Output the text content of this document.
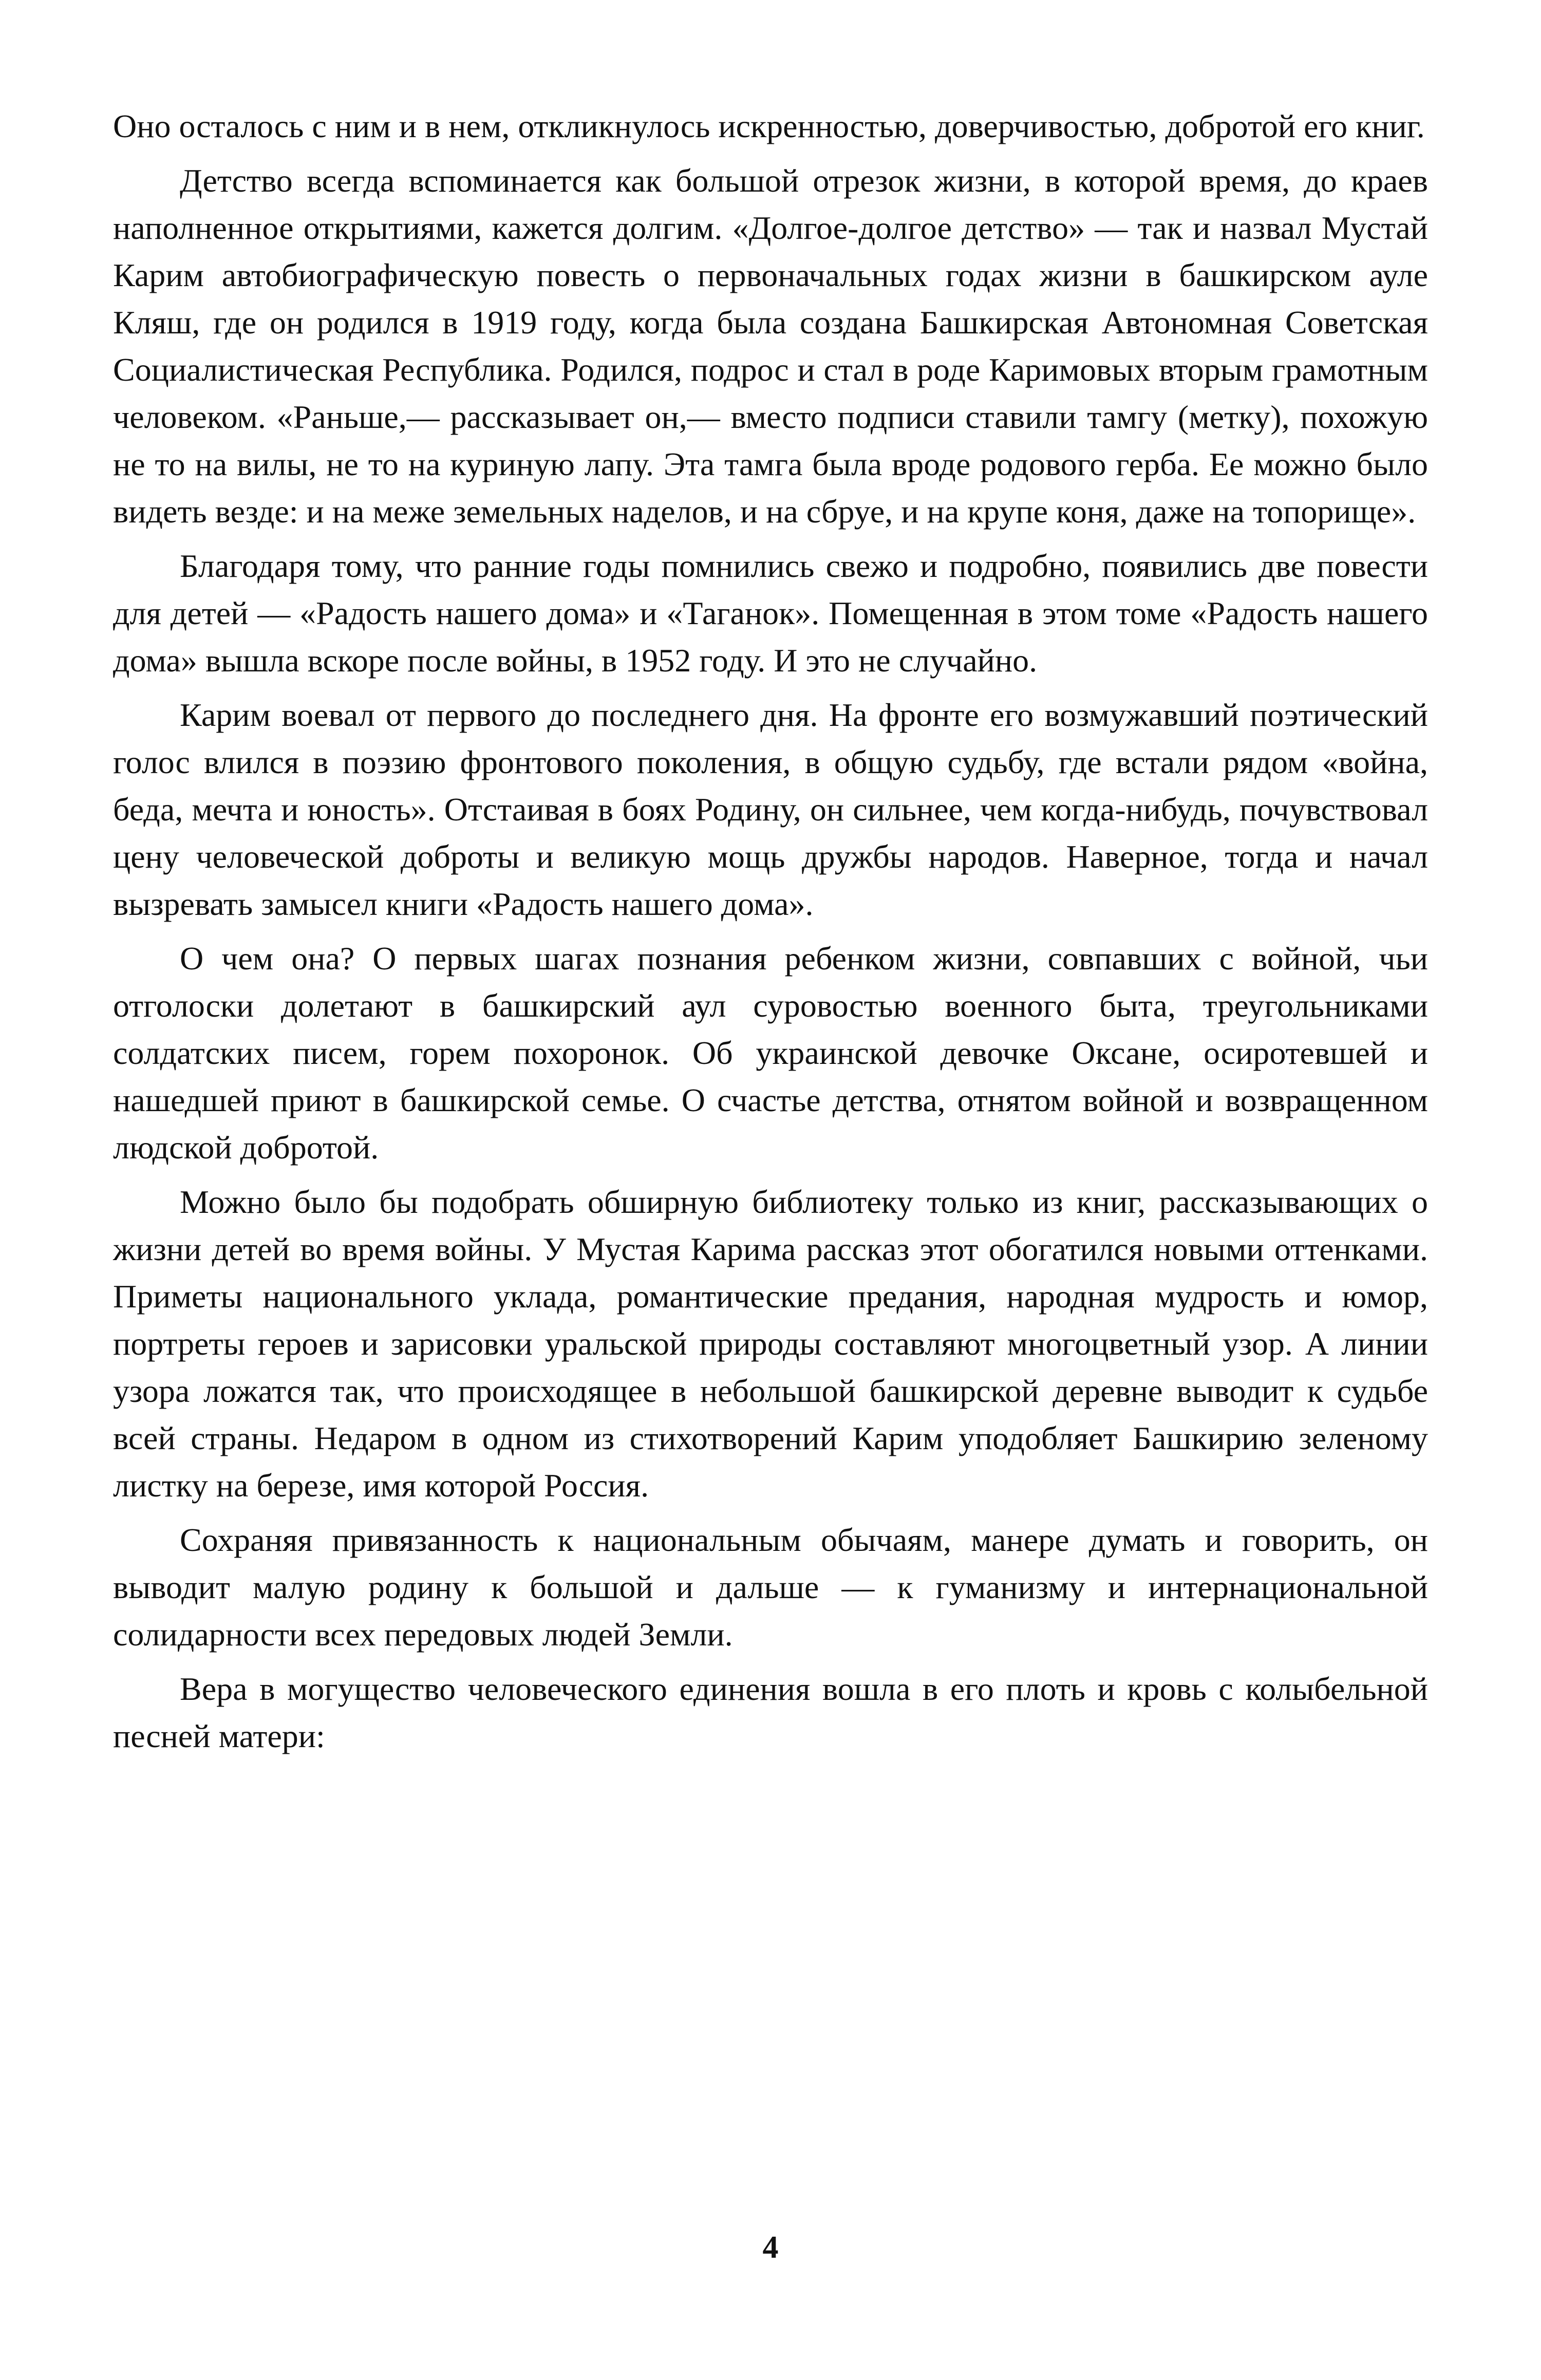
Оно осталось с ним и в нем, откликнулось искренностью, доверчивостью, добротой его книг.

Детство всегда вспоминается как большой отрезок жизни, в которой время, до краев наполненное открытиями, кажется долгим. «Долгое-долгое детство» — так и назвал Мустай Карим автобиографическую повесть о первоначальных годах жизни в башкирском ауле Кляш, где он родился в 1919 году, когда была создана Башкирская Автономная Советская Социалистическая Республика. Родился, подрос и стал в роде Каримовых вторым грамотным человеком. «Раньше,— рассказывает он,— вместо подписи ставили тамгу (метку), похожую не то на вилы, не то на куриную лапу. Эта тамга была вроде родового герба. Ее можно было видеть везде: и на меже земельных наделов, и на сбруе, и на крупе коня, даже на топорище».

Благодаря тому, что ранние годы помнились свежо и подробно, появились две повести для детей — «Радость нашего дома» и «Таганок». Помещенная в этом томе «Радость нашего дома» вышла вскоре после войны, в 1952 году. И это не случайно.

Карим воевал от первого до последнего дня. На фронте его возмужавший поэтический голос влился в поэзию фронтового поколения, в общую судьбу, где встали рядом «война, беда, мечта и юность». Отстаивая в боях Родину, он сильнее, чем когда-нибудь, почувствовал цену человеческой доброты и великую мощь дружбы народов. Наверное, тогда и начал вызревать замысел книги «Радость нашего дома».

О чем она? О первых шагах познания ребенком жизни, совпавших с войной, чьи отголоски долетают в башкирский аул суровостью военного быта, треугольниками солдатских писем, горем похоронок. Об украинской девочке Оксане, осиротевшей и нашедшей приют в башкирской семье. О счастье детства, отнятом войной и возвращенном людской добротой.

Можно было бы подобрать обширную библиотеку только из книг, рассказывающих о жизни детей во время войны. У Мустая Карима рассказ этот обогатился новыми оттенками. Приметы национального уклада, романтические предания, народная мудрость и юмор, портреты героев и зарисовки уральской природы составляют многоцветный узор. А линии узора ложатся так, что происходящее в небольшой башкирской деревне выводит к судьбе всей страны. Недаром в одном из стихотворений Карим уподобляет Башкирию зеленому листку на березе, имя которой Россия.

Сохраняя привязанность к национальным обычаям, манере думать и говорить, он выводит малую родину к большой и дальше — к гуманизму и интернациональной солидарности всех передовых людей Земли.

Вера в могущество человеческого единения вошла в его плоть и кровь с колыбельной песней матери:

4
